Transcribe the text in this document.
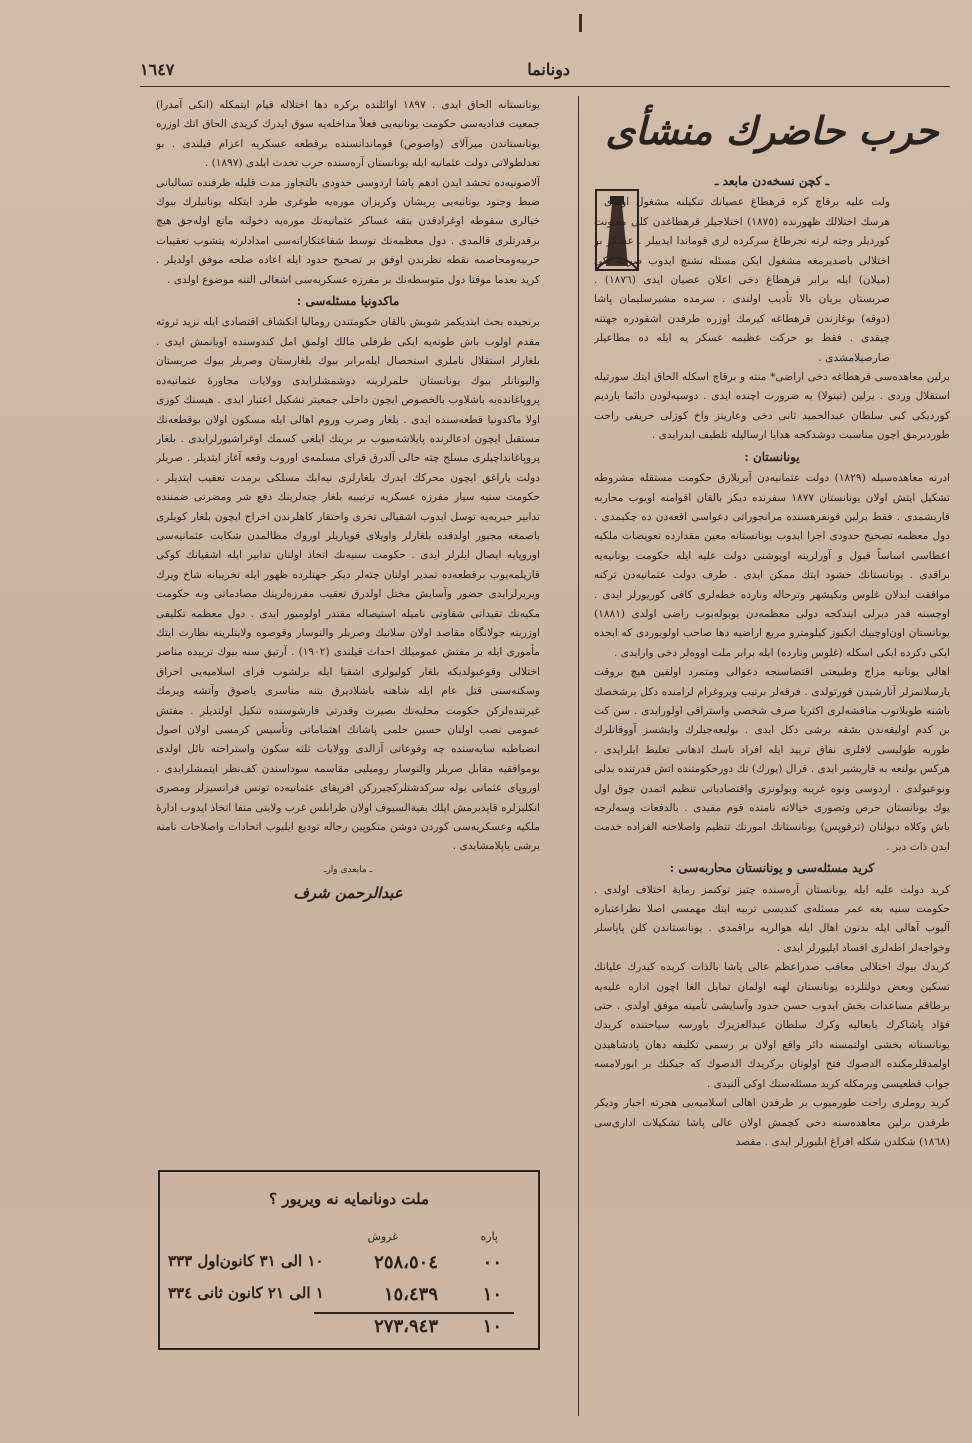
دونانما
١٦٤٧
حرب حاضرك منشأى

ـ كچن نسخه‌دن مابعد ـ

ولت عليه برقاچ كره قرهطاغ عصيانك تنكيلنه مشغول اولدى . هرسك اختلالك ظهورنده (١٨٧٥) اختلاجيلر قرهطاغدن كلى معاونت كورديلر وجته لرنه نجرطاغ سركرده لرى قوماندا ايدييلر . عسكر بو اختلالى باصديرمغه مشغول ايكن مسئله نشنچ ايدوب صرب بكى (ميلان) ايله برابر قرهطاغ دخى اعلان عصيان ايدى (١٨٧٦) . صربستان بريان بالا تأديب اولندى . سرمده مشيرسليمان پاشا (دوقه) بوغازندن قرهطاغه كيرمك اوزره طرفدن اشقودره جهتنه چيقدى . فقط بو حركت عظيمه عسكر يه ايله ده مطاعيلر صارصيلامشدى .

برلين معاهده‌سى قرهطاغه دخى اراضى* منته و برقاچ اسكله الحاق ايتك سورتيله استقلال وردى . برلين (تبنولا) به ضرورت اچنده ايدى . دوسيه‌لودن دائما بارديم كورديكى كبى سلطان عبدالحميد ثانى دخى وعارينز واخ كوزلى حريفى راحت طوردبرمق اچون مناسبت دوشدكجه هدايا ارساليله تلطيف ايدرايدى .

يونانستان :

ادرنه معاهده‌سيله (١٨٢٩) دولت عثمانيه‌دن آيريلارق حكومت مستقله مشروطه تشكيل ايتش اولان يونانستان ١٨٧٧ سفرنده ديكر بالقان اقوامنه اويوب محاربه قاريشمدى . فقط برلين قونفرهسنده مرانجوراتى دعواسى اقعه‌دن ده چكيمدى . دول معظمه تصحيح حدودى اجرا ايدوب يونانستانه معين مقدارده تعويضات ملكيه اعطاسى اساساً قبول و آورلرينه اويوشنى دولت عليه ايله حكومت يونانيه‌يه براقدى . يونانستانك خشود ايتك ممكن ايدى . طرف دولت عثمانيه‌دن تركنه موافقت ايدلان غلوس وبكيشهر وترحاله ونارده خطه‌لرى كافى كوريورلر ايدى . اوچسنه قدر دبرلى ايندكجه دولى معظمه‌دن بوبوله‌بوب راضى اولدى (١٨٨١) يونانستان اون‌اوچبيك ايكيوز كيلومترو مربع اراضيه دها صاحب اولويوردى كه ابجده ايكى دكرده ايكى اسكله (غلوس ونارده) ايله برابر ملت اووه‌لر دخى وارايدى .

اهالى يونانيه مزاج وطبيعتى اقتضاسنجه دعوالى ومتمرد اولفين هيچ بروقت يارسلانمزلر آنارشيدن قورتولدى . فرقه‌لر برتيب ويروغرام لرامنده دكل برشخصك باشنه طوبلانوب مناقشه‌لرى اكثريا صرف شخصى واستراقى اولورايدى . سن كت بن كدم اوليقه‌ندن بشقه برشى دكل ايدى . بولبعه‌جيلرك وايشسز آووقاتلرك طوربه طوليسى لافلرى نفاق ترييد ايله افراد ناسك اذهانى تعليط ايلرايدى . هركس بولنعه به قاريشير ايدى . قرال (يورك) تك دورحكومتنده اتش قدرتنده بدلى ونوعبولدى . اردوسى ونوه غريبه وبولونزى واقتصادياتى تنظيم اتمدن چوق اول يوك يونانستان حرص وتصورى خيالاته نامنده قوم مفيدى . بالدفعات وسه‌لرجه باش وكلاه دبولنان (ترقوپس) يونانستانك امورنك تنظيم واصلاحنه الفزاده خدمت ايدن ذات دير .

كريد مسئله‌سى و يونانستان محاربه‌سى :

كريد دولت عليه ايله يونانستان آره‌سنده چتيز توكنمز رماية اختلاف اولدى . حكومت سنيه بغه عمر مسئله‌ى كنديسى تربيه ايتك مهمسى اصلا نظراعتباره آليوب آهالى ايله بدنون اهال ايله هوالريه براقمدى . يونانستاندن كلن پاپاسلر وخواجه‌لر اطه‌لرى افساد ايليورلر ايدى .

كريدك بيوك اختلالى معاقب صدراعظم عالى پاشا بالذات كريده كيدرك عليانك تسكين وبعض دولتلرده يونانستان لهنه اولمان تمايل الغا اچون اداره عليه‌يه برطاقم مساعدات بخش ايدوب حسن حدود وآسايشى تأمينه موفق اولدى . حتى فؤاد پاشاكرك بابعاليه وكرك سلطان عبدالعزيزك ياورسه سياحتنده كريدك يونانستانه بخشى اولنمسنه دائر واقع اولان بر رسمى تكليفه دهان پادشاهيدن اولمدقلرمكنده الدصوك فتح اولونان بركريدك الدصوك كه جيكنك بر ابورلامسه جواب قطعيسى ويرمكله كريد مسئله‌سنك اوكى آلنيدى .

كريد روملرى راحت طورميوب بر طرفدن اهالى اسلاميه‌يى هجرته اجبار وديكر طرفدن برلين معاهده‌سنه دخى كچمش اولان عالى پاشا تشكيلات ادارى‌سى (١٨٦٨) شكلدن شكله افراغ ايليورلر ايدى . مقصد

يونانستانه الحاق ايدى . ١٨٩٧ اوائلنده بركره دها اختلاله قيام ايتمكله (انكى آمدرا) جمعيت فداديه‌سى حكومت يونانيه‌يى فعلاً مداخله‌يه سوق ايدرك كريدى الحاق اتك اوزره يونانستاندن ميرآلاى (واصوص) قوماندانسنده برقطعه عسكريه اعزام قيلندى . بو تعدلطولاتى دولت عثمانيه ايله يونانستان آره‌سنده حرب تحدث ايلدى (١٨٩٧) .

آلاصونيه‌ده تحشد ايدن ادهم پاشا اردوسى حدودى بالتجاوز مدت قليله ظرفنده تساليانى ضبط وجنود يونانيه‌يى پريشان وكريزان موره‌يه طوغرى طرد ايتكله يونانيلرك بيوك خيالرى سقوطه اوغرادقدن بتقه عساكر عثمانيه‌نك موره‌يه دخولنه مانع اوله‌جق هيچ برقدرتلرى قالمدى . دول معظمه‌نك توسط شفاعتكارانه‌سى امدادلرنه يتشوب تعقيبات حربيه‌ومحاصمه نقطه نظرندن اوفق بر تصحيح حدود ايله اعاده صلحه موفق اولديلر . كريد بعدما موقتا دول متوسطه‌نك بر مفرزه عسكريه‌سى اشغالى التنه موضوع اولدى .

ماكدونيا مسئله‌سى :

برنجيده بحث ايتديكمز شويش بالقان حكومتندن روماليا انكشاف اقتصادى ايله نزيد ثروته مقدم اولوب باش طونه‌يه ايكى طرفلى مالك اولمق امل كندوسنده اويانمش ايدى . بلغارلر استقلال ناملرى استحصال ايله‌برابر بيوك بلغارستان وصربلر بيوك صربستان واليونانلر بيوك يونانستان حلمرلرينه دوشمشلرايدى وولايات مجاورۀ عثمانيه‌ده پروپاغانده‌يه باشلاوب بالخصوص ايچون داخلى جمعيتر تشكيل اعتبار ايدى . هيسنك كوزى اولا ماكدونيا قطعه‌سنده ايدى . بلغار وصرب وروم اهالى ايله مسكون اولان بوقطعه‌نك مستقبل ايچون ادعالرنده پايلاشه‌ميوب بر برينك ايلغى كسمك اوغراشيورلرايدى . بلغار پروپاغانداچيلرى مسلح چته حالى آلدرق قراى مسلمه‌ى اوروب وقعه آغاز ايتديلر . صربلر دولت ياراغق ايچون محركك ايدرك بلغارلرى نيه‌ابك مسلكى برمدت تعقيب ايتديلر . حكومت سنيه سيار مفرزه عسكريه ترتيبيه بلغار چته‌لرينك دفع شر ومضرتى ضمننده تدابير جبريه‌يه توسل ايدوب اشقيالى تخرى واحتقار كاهلرندن اخراج ايچون بلغار كويلرى باصمغه مجبور اولدقده بلغارلر واويلاى قوپاريلر اوروك مظالمدن شكايت عثمانيه‌سى اوروپايه ايصال ايلرلر ايدى . حكومت سنيه‌نك اتخاذ اولنان تدابير ايله اشقيانك كوكى قازيلمه‌يوب برقطعه‌ده تمدير اولنان چته‌لر ديكر جهتلرده ظهور ايله تخريبانه شاخ ويرك ويريرلرايدى حضور وآسايش مختل اولدرق تعقيب مفرزه‌لرينك مصادماتى ونه حكومت مكيه‌نك تقيداتى شقاوتى ناميله استيصاله مقتدر اولوميور ايدى . دول معظمه تكليفى اوزرينه جولانگاه مقاصد اولان سلانيك وصربلر والنوسار وقوصوه ولايتلرينه نظارت ايتك مأمورى ايله بر مفتش عموميلك احداث قيلندى (١٩٠٢) . آرتيق سنه بيوك تريبده مناصر اختلالى وقوعبولديكه بلغار كوليولرى اشقيا ايله برلشوب قراى اسلاميه‌يى احراق وسكنه‌سنى قتل عام ايله شاهنه باشلاديرق بتنه مناسرى ياصوق وآتشه ويرمك غيرتنده‌لركن حكومت محليه‌نك بصيرت وقدرتى قارشوسنده تنكيل اولنديلر . مفتش عمومى نصب اولنان حسين حلمى پاشانك اهتماماتى وتأسيس كرمسى اولان اصول انضباطيه سايه‌سنده چه وقوعاتى آزالدى وولايات ثلثه سكون واستراحته نائل اولدى بوموافقيه مقابل صربلر والنوسار روميليى مقاسمه سوداسندن كف‌نظر ايتمشلرايدى . اوروپاى عثمانى بوله سركدشتلركچيرركن افريقاى عثمانيه‌ده تونس فرانسيزلر ومصرى انكليزلره قاپديرمش ايلك بقيةالسيوف اولان طرابلس غرب ولايتى منفا اتخاذ ايدوب ادارۀ ملكيه وعسكريه‌سى كوردن دوشن متكوپين رجاله توديع ايليوب اتحادات واصلاحات نامنه برشى ياپلامشايدى .

ـ مابعدى وارـ

عبدالرحمن شرف

ملت دونانمايه نه ويريور ؟
پاره
غروش
٠٠
٢٥٨،٥٠٤
١٠ الى ٣١ كانون‌اول ٣٣٣
١٠
١٥،٤٣٩
١ الى ٢١ كانون ثانى ٣٣٤
١٠
٢٧٣،٩٤٣
